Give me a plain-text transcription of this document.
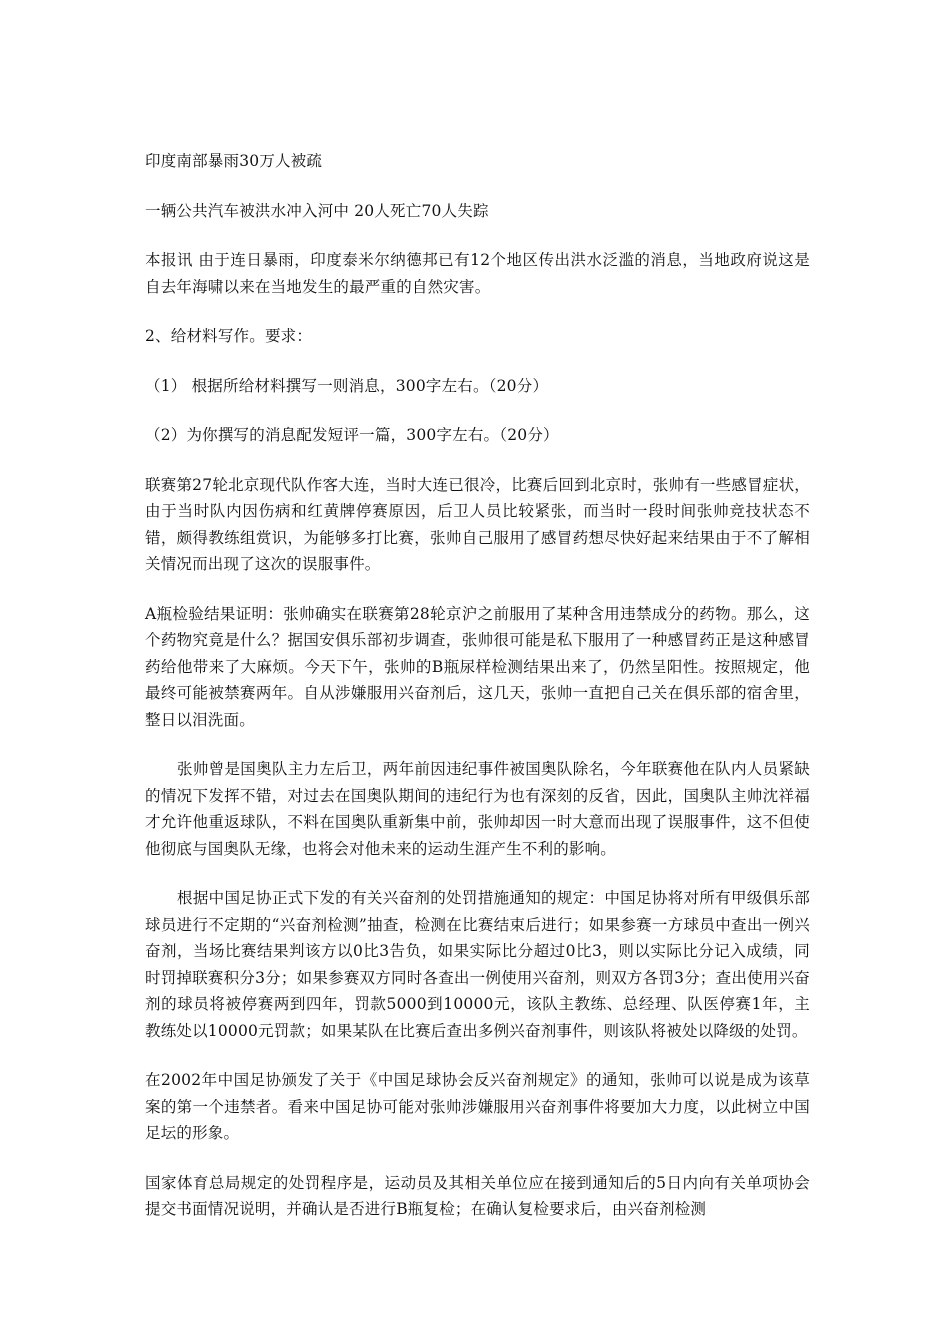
印度南部暴雨30万人被疏

一辆公共汽车被洪水冲入河中 20人死亡70人失踪

本报讯 由于连日暴雨，印度泰米尔纳德邦已有12个地区传出洪水泛滥的消息，当地政府说这是自去年海啸以来在当地发生的最严重的自然灾害。

2、给材料写作。要求：

（1） 根据所给材料撰写一则消息，300字左右。（20分）

（2）为你撰写的消息配发短评一篇，300字左右。（20分）

联赛第27轮北京现代队作客大连，当时大连已很冷，比赛后回到北京时，张帅有一些感冒症状，由于当时队内因伤病和红黄牌停赛原因，后卫人员比较紧张，而当时一段时间张帅竞技状态不错，颇得教练组赏识，为能够多打比赛，张帅自己服用了感冒药想尽快好起来结果由于不了解相关情况而出现了这次的误服事件。

A瓶检验结果证明：张帅确实在联赛第28轮京沪之前服用了某种含用违禁成分的药物。那么，这个药物究竟是什么？据国安俱乐部初步调查，张帅很可能是私下服用了一种感冒药正是这种感冒药给他带来了大麻烦。今天下午，张帅的B瓶尿样检测结果出来了，仍然呈阳性。按照规定，他最终可能被禁赛两年。自从涉嫌服用兴奋剂后，这几天，张帅一直把自己关在俱乐部的宿舍里，整日以泪洗面。

张帅曾是国奥队主力左后卫，两年前因违纪事件被国奥队除名，今年联赛他在队内人员紧缺的情况下发挥不错，对过去在国奥队期间的违纪行为也有深刻的反省，因此，国奥队主帅沈祥福才允许他重返球队，不料在国奥队重新集中前，张帅却因一时大意而出现了误服事件，这不但使他彻底与国奥队无缘，也将会对他未来的运动生涯产生不利的影响。

根据中国足协正式下发的有关兴奋剂的处罚措施通知的规定：中国足协将对所有甲级俱乐部球员进行不定期的“兴奋剂检测”抽查，检测在比赛结束后进行；如果参赛一方球员中查出一例兴奋剂，当场比赛结果判该方以0比3告负，如果实际比分超过0比3，则以实际比分记入成绩，同时罚掉联赛积分3分；如果参赛双方同时各查出一例使用兴奋剂，则双方各罚3分；查出使用兴奋剂的球员将被停赛两到四年，罚款5000到10000元，该队主教练、总经理、队医停赛1年，主教练处以10000元罚款；如果某队在比赛后查出多例兴奋剂事件，则该队将被处以降级的处罚。

在2002年中国足协颁发了关于《中国足球协会反兴奋剂规定》的通知，张帅可以说是成为该草案的第一个违禁者。看来中国足协可能对张帅涉嫌服用兴奋剂事件将要加大力度，以此树立中国足坛的形象。

国家体育总局规定的处罚程序是，运动员及其相关单位应在接到通知后的5日内向有关单项协会提交书面情况说明，并确认是否进行B瓶复检；在确认复检要求后，由兴奋剂检测
